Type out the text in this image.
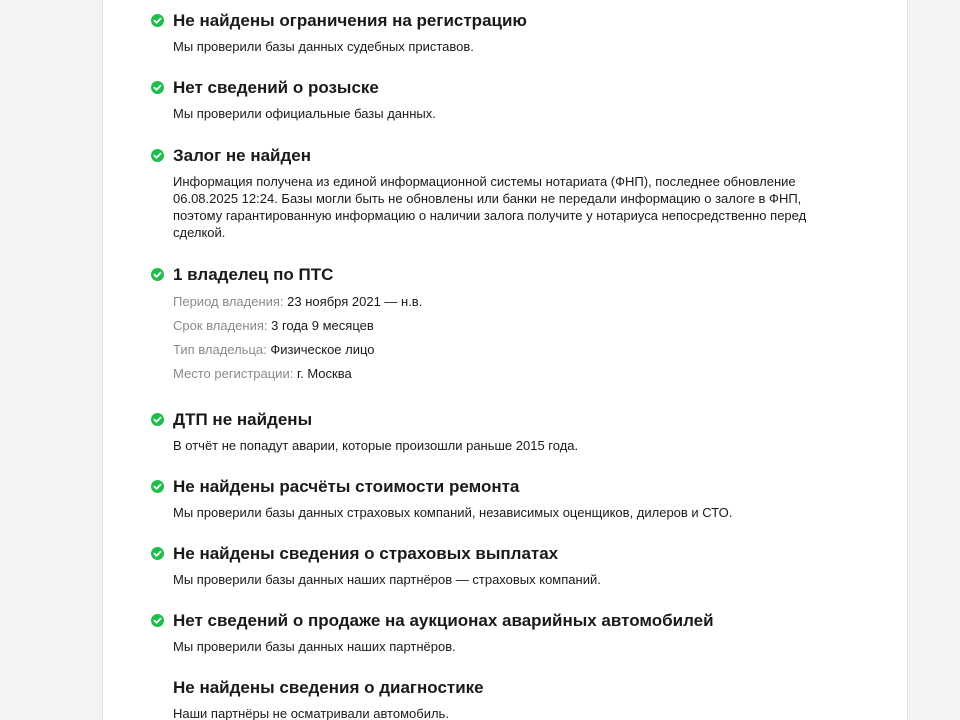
Не найдены ограничения на регистрацию
Мы проверили базы данных судебных приставов.
Нет сведений о розыске
Мы проверили официальные базы данных.
Залог не найден
Информация получена из единой информационной системы нотариата (ФНП), последнее обновление 06.08.2025 12:24. Базы могли быть не обновлены или банки не передали информацию о залоге в ФНП, поэтому гарантированную информацию о наличии залога получите у нотариуса непосредственно перед сделкой.
1 владелец по ПТС
Период владения: 23 ноября 2021 — н.в.
Срок владения: 3 года 9 месяцев
Тип владельца: Физическое лицо
Место регистрации: г. Москва
ДТП не найдены
В отчёт не попадут аварии, которые произошли раньше 2015 года.
Не найдены расчёты стоимости ремонта
Мы проверили базы данных страховых компаний, независимых оценщиков, дилеров и СТО.
Не найдены сведения о страховых выплатах
Мы проверили базы данных наших партнёров — страховых компаний.
Нет сведений о продаже на аукционах аварийных автомобилей
Мы проверили базы данных наших партнёров.
Не найдены сведения о диагностике
Наши партнёры не осматривали автомобиль.
